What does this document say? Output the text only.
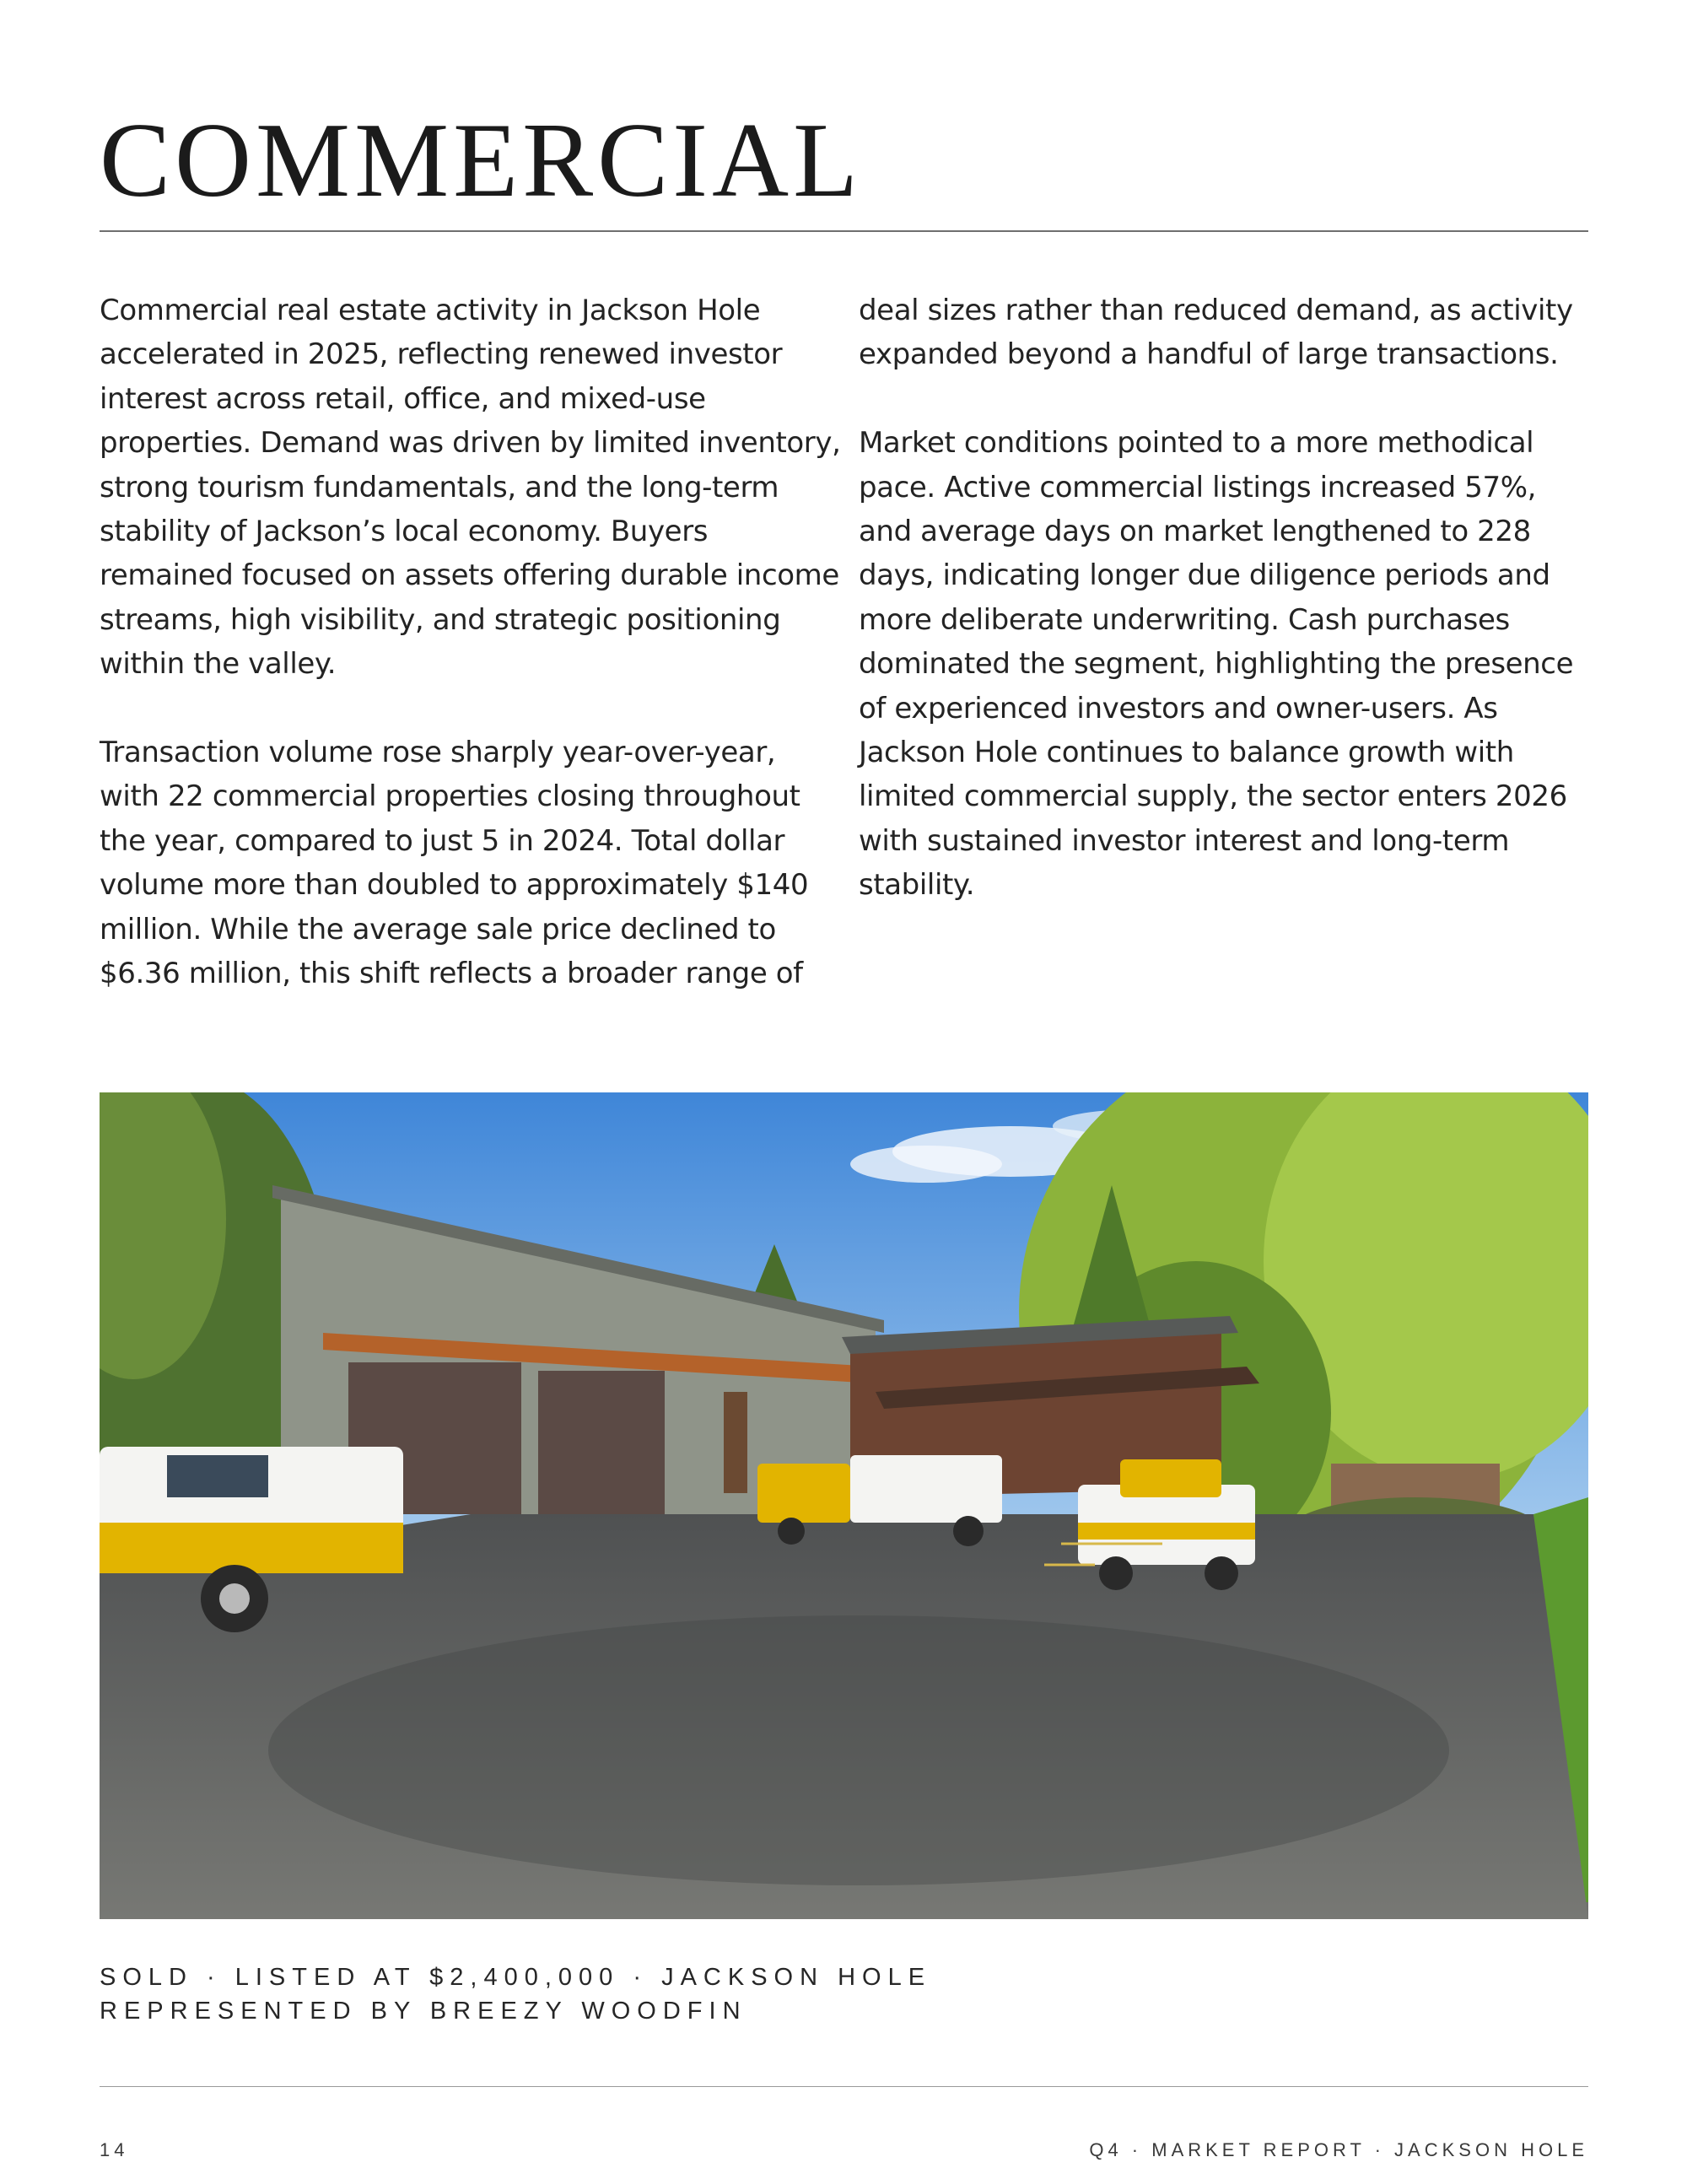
COMMERCIAL

Commercial real estate activity in Jackson Hole accelerated in 2025, reflecting renewed investor interest across retail, office, and mixed-use properties. Demand was driven by limited inventory, strong tourism fundamentals, and the long-term stability of Jackson’s local economy. Buyers remained focused on assets offering durable income streams, high visibility, and strategic positioning within the valley.

Transaction volume rose sharply year-over-year, with 22 commercial properties closing throughout the year, compared to just 5 in 2024. Total dollar volume more than doubled to approximately $140 million. While the average sale price declined to $6.36 million, this shift reflects a broader range of

deal sizes rather than reduced demand, as activity expanded beyond a handful of large transactions.

Market conditions pointed to a more methodical pace. Active commercial listings increased 57%, and average days on market lengthened to 228 days, indicating longer due diligence periods and more deliberate underwriting. Cash purchases dominated the segment, highlighting the presence of experienced investors and owner-users. As Jackson Hole continues to balance growth with limited commercial supply, the sector enters 2026 with sustained investor interest and long-term stability.

SOLD · LISTED AT $2,400,000 · JACKSON HOLE
REPRESENTED BY BREEZY WOODFIN
14	Q4 · MARKET REPORT · JACKSON HOLE
